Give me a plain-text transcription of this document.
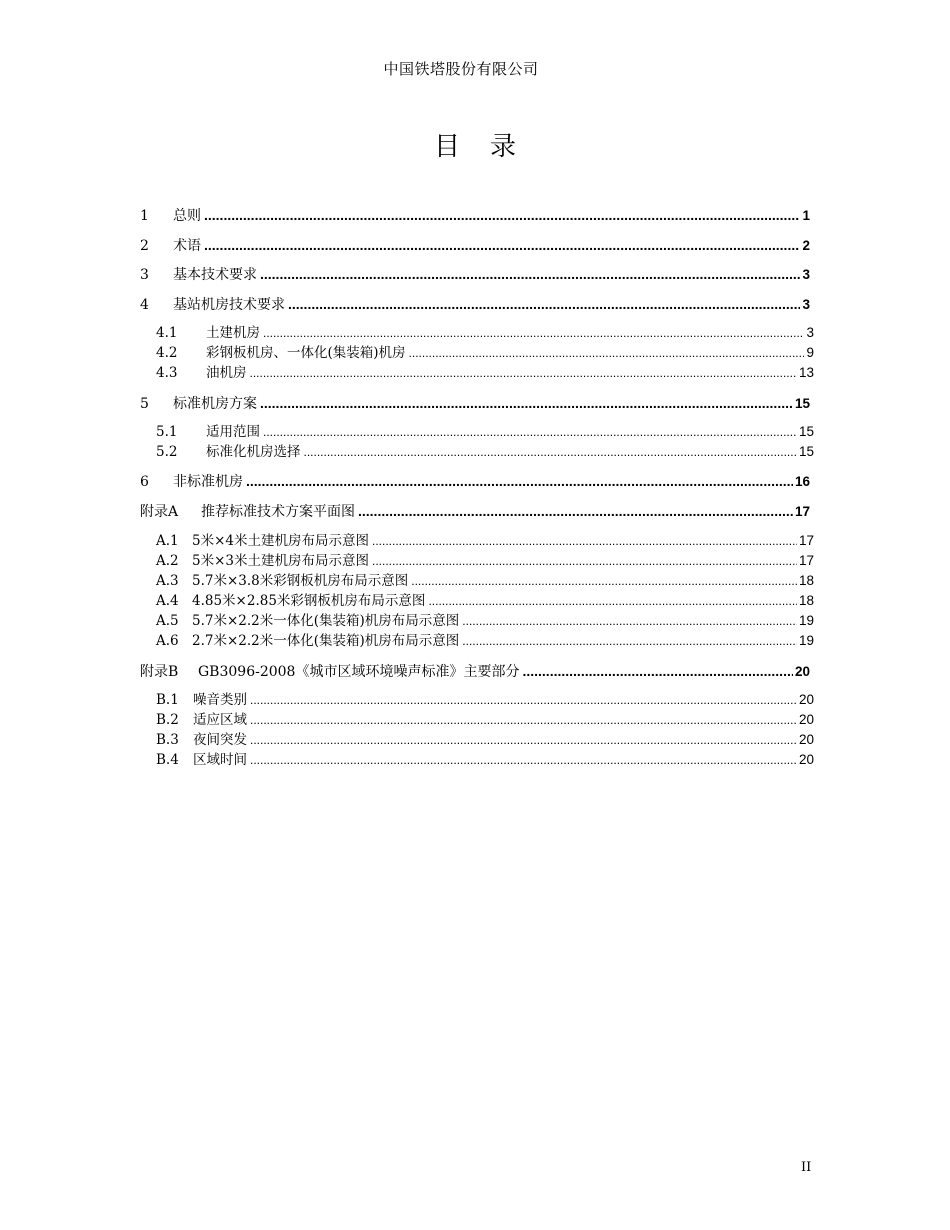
中国铁塔股份有限公司
目录
1	总则 .....	1
2	术语 .....	2
3	基本技术要求 .....	3
4	基站机房技术要求 .....	3
4.1	土建机房 .....	3
4.2	彩钢板机房、一体化(集装箱)机房 .....	9
4.3	油机房 .....	13
5	标准机房方案 .....	15
5.1	适用范围 .....	15
5.2	标准化机房选择 .....	15
6	非标准机房 .....	16
附录A	推荐标准技术方案平面图 .....	17
A.1 5米×4米土建机房布局示意图 .....	17
A.2 5米×3米土建机房布局示意图 .....	17
A.3 5.7米×3.8米彩钢板机房布局示意图 .....	18
A.4 4.85米×2.85米彩钢板机房布局示意图 .....	18
A.5 5.7米×2.2米一体化(集装箱)机房布局示意图 .....	19
A.6 2.7米×2.2米一体化(集装箱)机房布局示意图 .....	19
附录B	GB3096-2008《城市区域环境噪声标准》主要部分 .....	20
B.1	噪音类别 .....	20
B.2	适应区域 .....	20
B.3	夜间突发 .....	20
B.4	区域时间 .....	20
II
